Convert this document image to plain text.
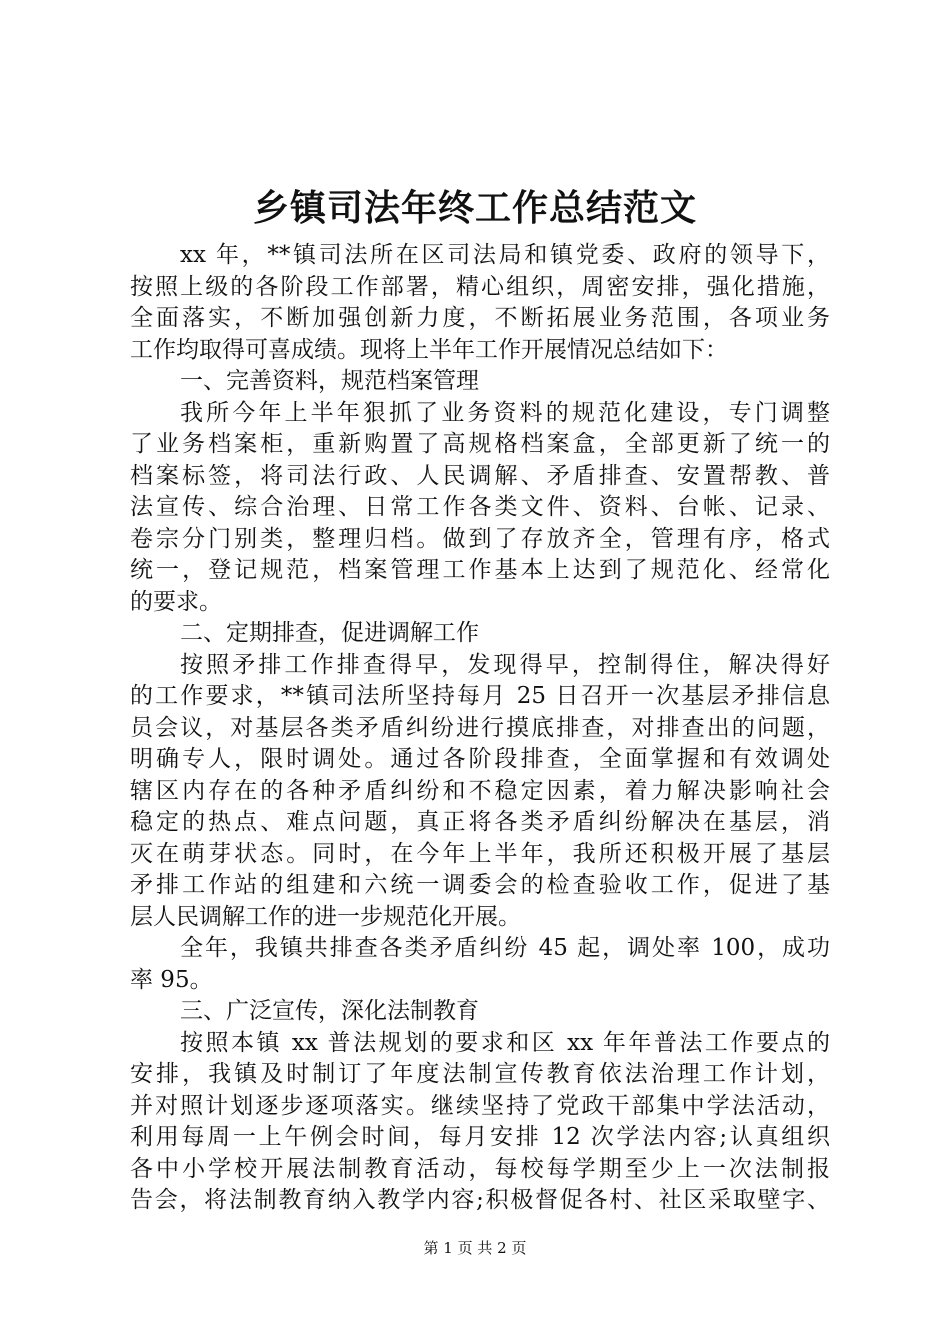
乡镇司法年终工作总结范文
xx 年，**镇司法所在区司法局和镇党委、政府的领导下，
按照上级的各阶段工作部署，精心组织，周密安排，强化措施，
全面落实，不断加强创新力度，不断拓展业务范围，各项业务
工作均取得可喜成绩。现将上半年工作开展情况总结如下：
一、完善资料，规范档案管理
我所今年上半年狠抓了业务资料的规范化建设，专门调整
了业务档案柜，重新购置了高规格档案盒，全部更新了统一的
档案标签，将司法行政、人民调解、矛盾排查、安置帮教、普
法宣传、综合治理、日常工作各类文件、资料、台帐、记录、
卷宗分门别类，整理归档。做到了存放齐全，管理有序，格式
统一，登记规范，档案管理工作基本上达到了规范化、经常化
的要求。
二、定期排查，促进调解工作
按照矛排工作排查得早，发现得早，控制得住，解决得好
的工作要求，**镇司法所坚持每月 25 日召开一次基层矛排信息
员会议，对基层各类矛盾纠纷进行摸底排查，对排查出的问题，
明确专人，限时调处。通过各阶段排查，全面掌握和有效调处
辖区内存在的各种矛盾纠纷和不稳定因素，着力解决影响社会
稳定的热点、难点问题，真正将各类矛盾纠纷解决在基层，消
灭在萌芽状态。同时，在今年上半年，我所还积极开展了基层
矛排工作站的组建和六统一调委会的检查验收工作，促进了基
层人民调解工作的进一步规范化开展。
全年，我镇共排查各类矛盾纠纷 45 起，调处率 100，成功
率 95。
三、广泛宣传，深化法制教育
按照本镇 xx 普法规划的要求和区 xx 年年普法工作要点的
安排，我镇及时制订了年度法制宣传教育依法治理工作计划，
并对照计划逐步逐项落实。继续坚持了党政干部集中学法活动，
利用每周一上午例会时间，每月安排 12 次学法内容;认真组织
各中小学校开展法制教育活动，每校每学期至少上一次法制报
告会，将法制教育纳入教学内容;积极督促各村、社区采取壁字、
第 1 页 共 2 页
